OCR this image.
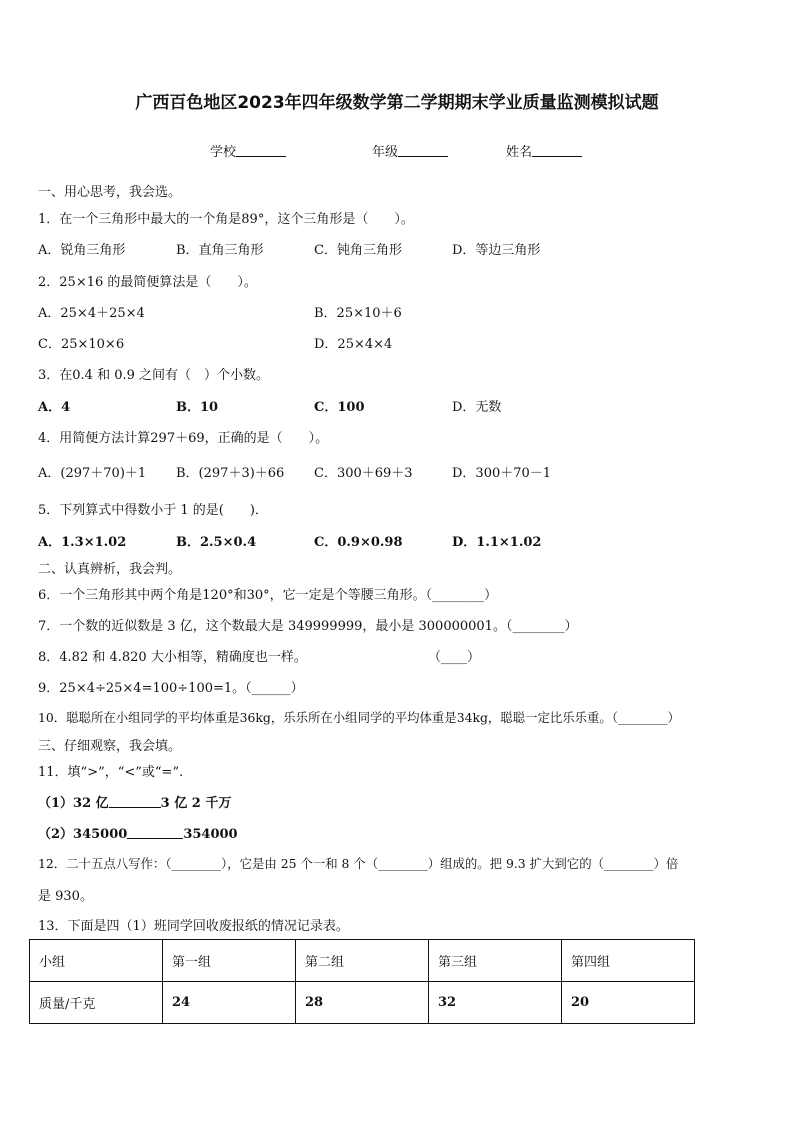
广西百色地区2023年四年级数学第二学期期末学业质量监测模拟试题
学校	年级	姓名
一、用心思考，我会选。
1．在一个三角形中最大的一个角是89°，这个三角形是（　　）。
A．锐角三角形	B．直角三角形	C．钝角三角形	D．等边三角形
2．25×16 的最简便算法是（　　）。
A．25×4＋25×4	B．25×10＋6
C．25×10×6	D．25×4×4
3．在0.4 和 0.9 之间有（　）个小数。
A．4	B．10	C．100	D．无数
4．用简便方法计算297＋69，正确的是（　　）。
A．(297＋70)＋1 B．(297＋3)＋66 C．300＋69＋3	D．300＋70－1
5．下列算式中得数小于 1 的是(　　)．
A．1.3×1.02	B．2.5×0.4	C．0.9×0.98	D．1.1×1.02
二、认真辨析，我会判。
6．一个三角形其中两个角是120°和30°，它一定是个等腰三角形。（________）
7．一个数的近似数是 3 亿，这个数最大是 349999999，最小是 300000001。（________）
8．4.82 和 4.820 大小相等，精确度也一样。	（____）
9．25×4÷25×4=100÷100=1。（______）
10．聪聪所在小组同学的平均体重是36kg，乐乐所在小组同学的平均体重是34kg，聪聪一定比乐乐重。（________）
三、仔细观察，我会填。
11．填“>”，“<”或“=”.
（1）32 亿	3 亿 2 千万
（2）345000	354000
12．二十五点八写作：（________），它是由 25 个一和 8 个（________）组成的。把 9.3 扩大到它的（________）倍
是 930。
13．下面是四（1）班同学回收废报纸的情况记录表。
小组	第一组	第二组	第三组	第四组
质量/千克	24	28	32	20
